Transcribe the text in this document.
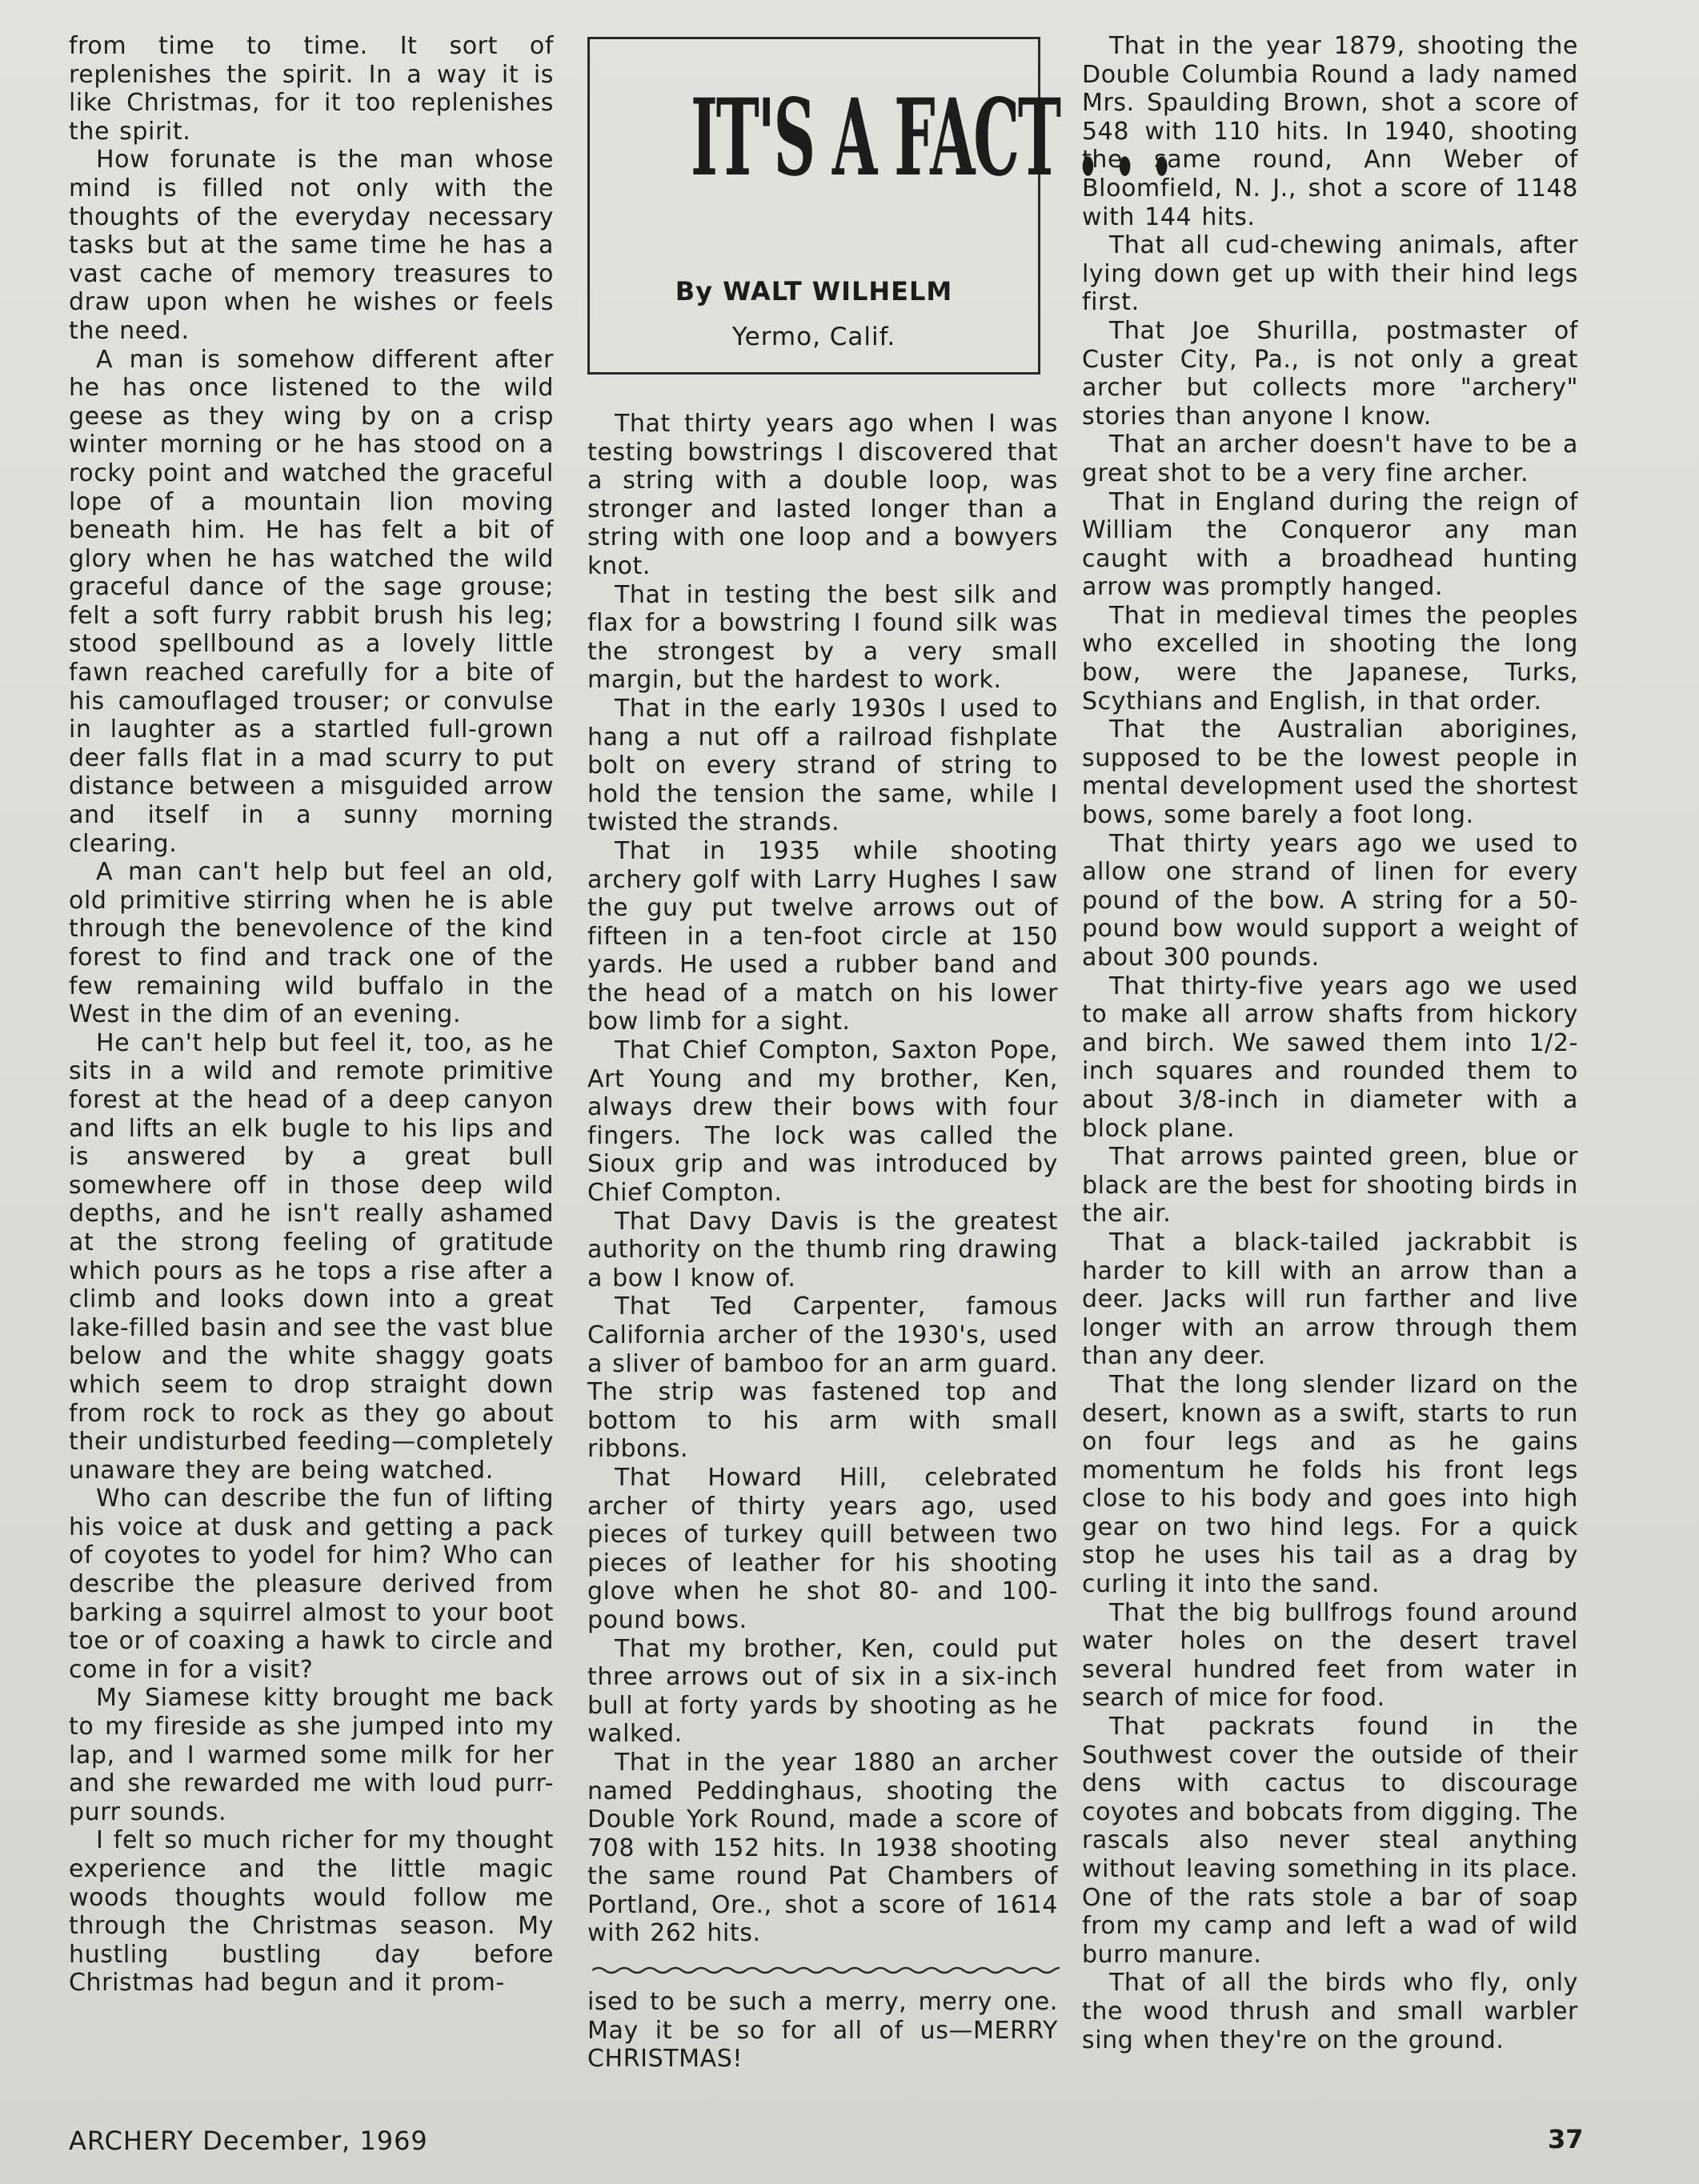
from time to time. It sort of replenishes the spirit. In a way it is like Christmas, for it too replenishes the spirit.

How forunate is the man whose mind is filled not only with the thoughts of the everyday necessary tasks but at the same time he has a vast cache of memory treasures to draw upon when he wishes or feels the need.

A man is somehow different after he has once listened to the wild geese as they wing by on a crisp winter morning or he has stood on a rocky point and watched the graceful lope of a mountain lion moving beneath him. He has felt a bit of glory when he has watched the wild graceful dance of the sage grouse; felt a soft furry rabbit brush his leg; stood spellbound as a lovely little fawn reached carefully for a bite of his camouflaged trouser; or convulse in laughter as a startled full-grown deer falls flat in a mad scurry to put distance between a misguided arrow and itself in a sunny morning clearing.

A man can't help but feel an old, old primitive stirring when he is able through the benevolence of the kind forest to find and track one of the few remaining wild buffalo in the West in the dim of an evening.

He can't help but feel it, too, as he sits in a wild and remote primitive forest at the head of a deep canyon and lifts an elk bugle to his lips and is answered by a great bull somewhere off in those deep wild depths, and he isn't really ashamed at the strong feeling of gratitude which pours as he tops a rise after a climb and looks down into a great lake-filled basin and see the vast blue below and the white shaggy goats which seem to drop straight down from rock to rock as they go about their undisturbed feeding—completely unaware they are being watched.

Who can describe the fun of lifting his voice at dusk and getting a pack of coyotes to yodel for him? Who can describe the pleasure derived from barking a squirrel almost to your boot toe or of coaxing a hawk to circle and come in for a visit?

My Siamese kitty brought me back to my fireside as she jumped into my lap, and I warmed some milk for her and she rewarded me with loud purr-purr sounds.

I felt so much richer for my thought experience and the little magic woods thoughts would follow me through the Christmas season. My hustling bustling day before Christmas had begun and it prom-

IT'S A FACT . . .
By WALT WILHELM
Yermo, Calif.

That thirty years ago when I was testing bowstrings I discovered that a string with a double loop, was stronger and lasted longer than a string with one loop and a bowyers knot.

That in testing the best silk and flax for a bowstring I found silk was the strongest by a very small margin, but the hardest to work.

That in the early 1930s I used to hang a nut off a railroad fishplate bolt on every strand of string to hold the tension the same, while I twisted the strands.

That in 1935 while shooting archery golf with Larry Hughes I saw the guy put twelve arrows out of fifteen in a ten-foot circle at 150 yards. He used a rubber band and the head of a match on his lower bow limb for a sight.

That Chief Compton, Saxton Pope, Art Young and my brother, Ken, always drew their bows with four fingers. The lock was called the Sioux grip and was introduced by Chief Compton.

That Davy Davis is the greatest authority on the thumb ring drawing a bow I know of.

That Ted Carpenter, famous California archer of the 1930's, used a sliver of bamboo for an arm guard. The strip was fastened top and bottom to his arm with small ribbons.

That Howard Hill, celebrated archer of thirty years ago, used pieces of turkey quill between two pieces of leather for his shooting glove when he shot 80- and 100-pound bows.

That my brother, Ken, could put three arrows out of six in a six-inch bull at forty yards by shooting as he walked.

That in the year 1880 an archer named Peddinghaus, shooting the Double York Round, made a score of 708 with 152 hits. In 1938 shooting the same round Pat Chambers of Portland, Ore., shot a score of 1614 with 262 hits.

ised to be such a merry, merry one. May it be so for all of us—MERRY CHRISTMAS!

That in the year 1879, shooting the Double Columbia Round a lady named Mrs. Spaulding Brown, shot a score of 548 with 110 hits. In 1940, shooting the same round, Ann Weber of Bloomfield, N. J., shot a score of 1148 with 144 hits.

That all cud-chewing animals, after lying down get up with their hind legs first.

That Joe Shurilla, postmaster of Custer City, Pa., is not only a great archer but collects more "archery" stories than anyone I know.

That an archer doesn't have to be a great shot to be a very fine archer.

That in England during the reign of William the Conqueror any man caught with a broadhead hunting arrow was promptly hanged.

That in medieval times the peoples who excelled in shooting the long bow, were the Japanese, Turks, Scythians and English, in that order.

That the Australian aborigines, supposed to be the lowest people in mental development used the shortest bows, some barely a foot long.

That thirty years ago we used to allow one strand of linen for every pound of the bow. A string for a 50-pound bow would support a weight of about 300 pounds.

That thirty-five years ago we used to make all arrow shafts from hickory and birch. We sawed them into 1/2-inch squares and rounded them to about 3/8-inch in diameter with a block plane.

That arrows painted green, blue or black are the best for shooting birds in the air.

That a black-tailed jackrabbit is harder to kill with an arrow than a deer. Jacks will run farther and live longer with an arrow through them than any deer.

That the long slender lizard on the desert, known as a swift, starts to run on four legs and as he gains momentum he folds his front legs close to his body and goes into high gear on two hind legs. For a quick stop he uses his tail as a drag by curling it into the sand.

That the big bullfrogs found around water holes on the desert travel several hundred feet from water in search of mice for food.

That packrats found in the Southwest cover the outside of their dens with cactus to discourage coyotes and bobcats from digging. The rascals also never steal anything without leaving something in its place. One of the rats stole a bar of soap from my camp and left a wad of wild burro manure.

That of all the birds who fly, only the wood thrush and small warbler sing when they're on the ground.

ARCHERY December, 1969	37
